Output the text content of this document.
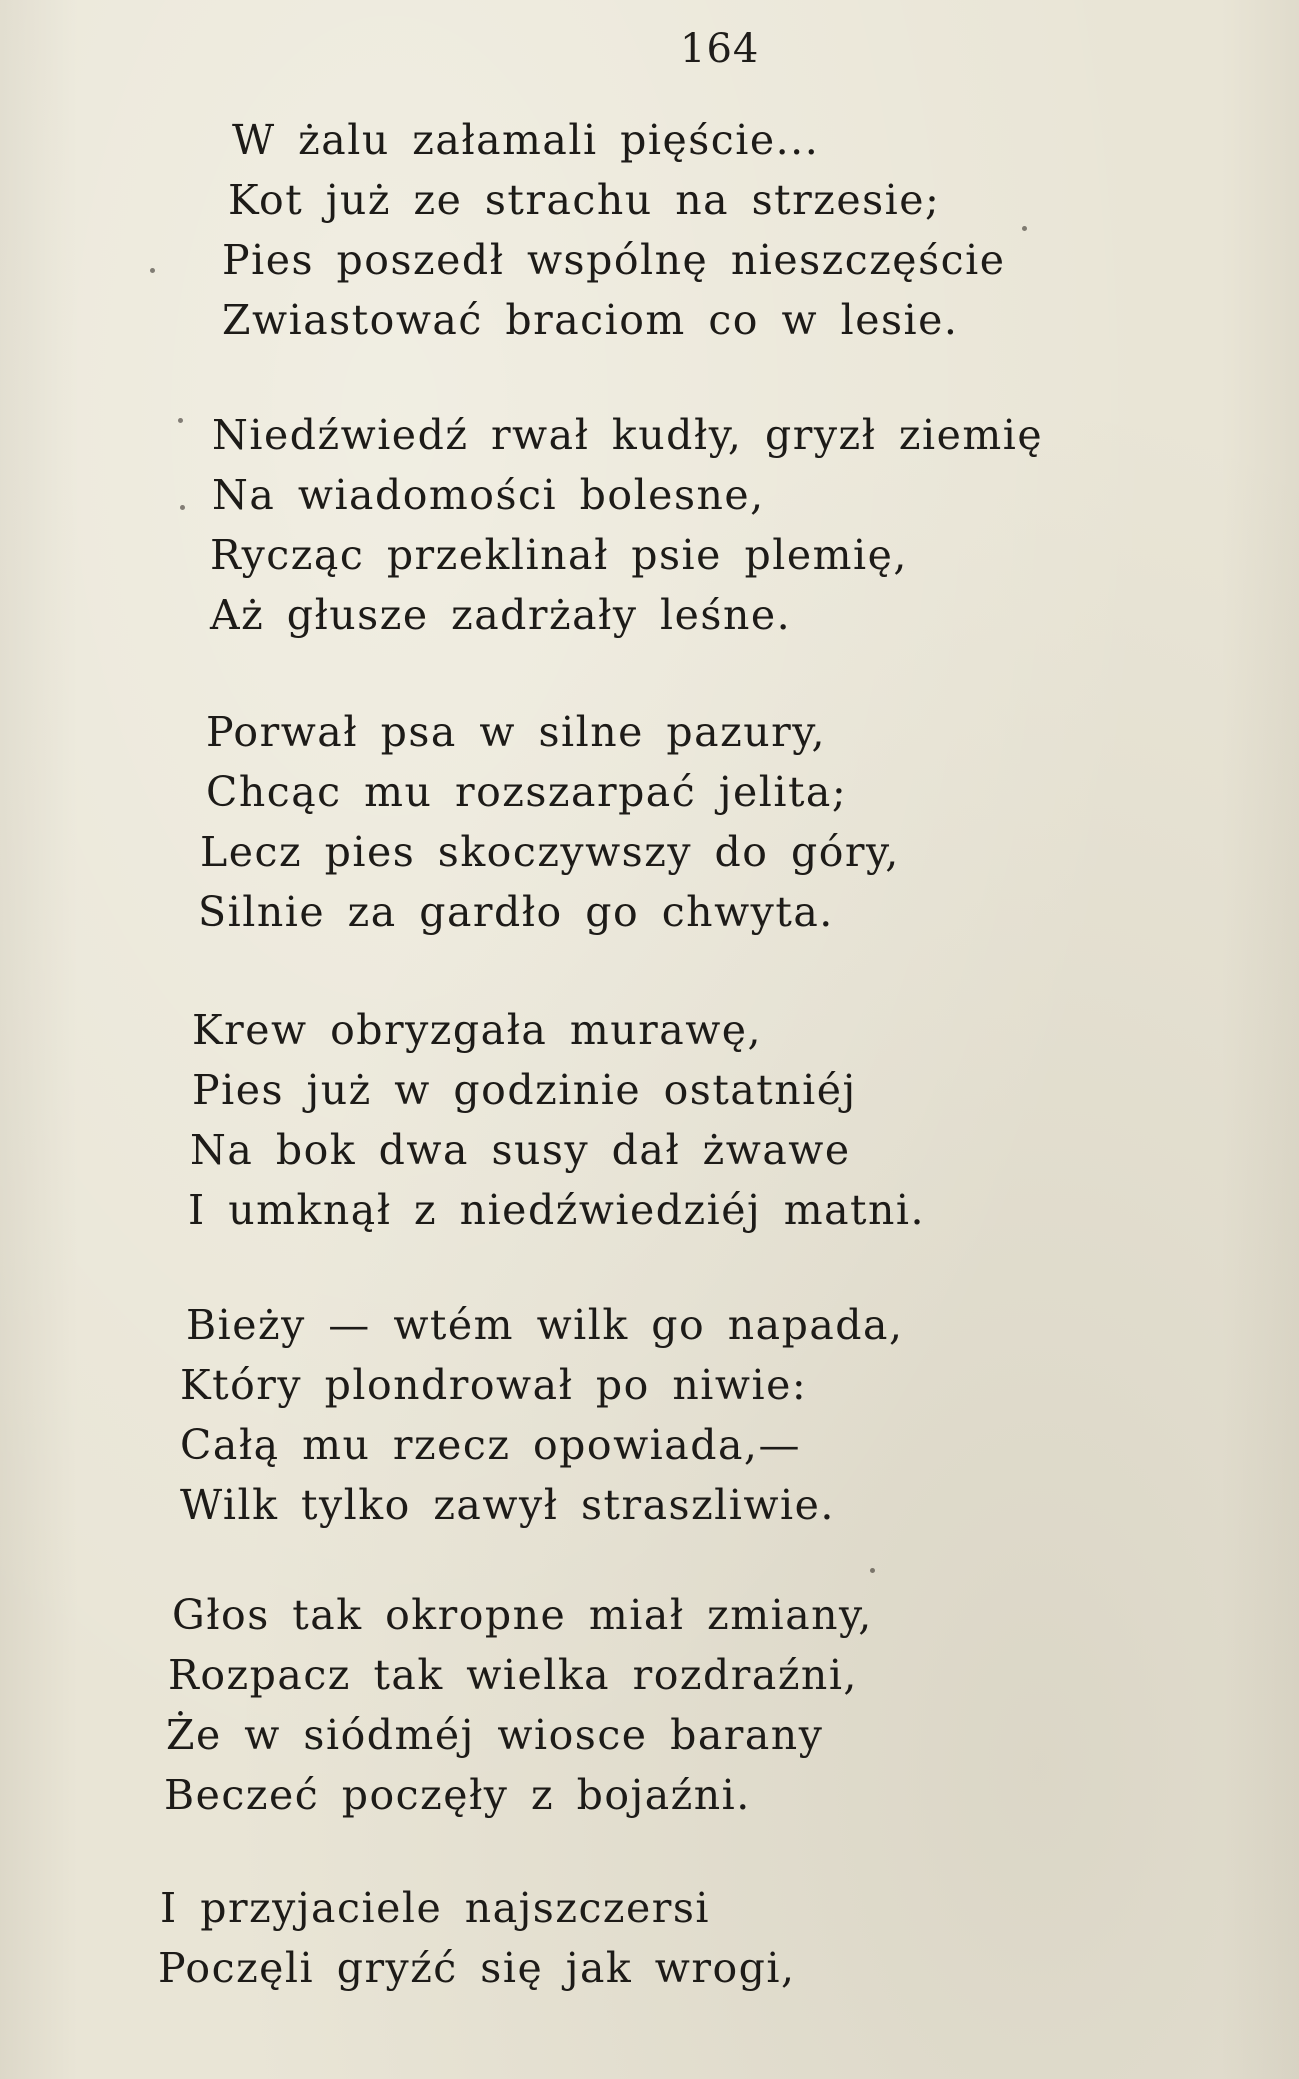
164
W żalu załamali pięście...
Kot już ze strachu na strzesie;
Pies poszedł wspólnę nieszczęście
Zwiastować braciom co w lesie.
Niedźwiedź rwał kudły, gryzł ziemię
Na wiadomości bolesne,
Rycząc przeklinał psie plemię,
Aż głusze zadrżały leśne.
Porwał psa w silne pazury,
Chcąc mu rozszarpać jelita;
Lecz pies skoczywszy do góry,
Silnie za gardło go chwyta.
Krew obryzgała murawę,
Pies już w godzinie ostatniéj
Na bok dwa susy dał żwawe
I umknął z niedźwiedziéj matni.
Bieży — wtém wilk go napada,
Który plondrował po niwie:
Całą mu rzecz opowiada,—
Wilk tylko zawył straszliwie.
Głos tak okropne miał zmiany,
Rozpacz tak wielka rozdraźni,
Że w siódméj wiosce barany
Beczeć poczęły z bojaźni.
I przyjaciele najszczersi
Poczęli gryźć się jak wrogi,
